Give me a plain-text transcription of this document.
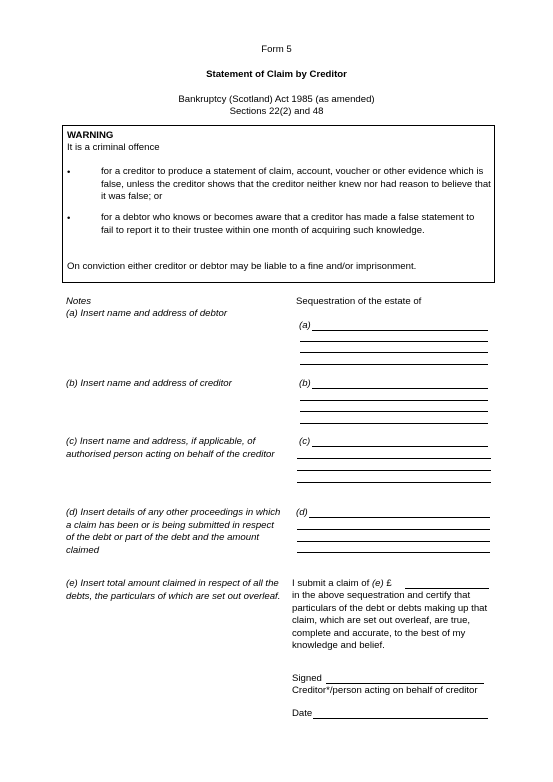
Form 5
Statement of Claim by Creditor
Bankruptcy (Scotland) Act 1985 (as amended)
Sections 22(2) and 48
WARNING
It is a criminal offence
•	for a creditor to produce a statement of claim, account, voucher or other evidence which is false, unless the creditor shows that the creditor neither knew nor had reason to believe that it was false; or
•	for a debtor who knows or becomes aware that a creditor has made a false statement to fail to report it to their trustee within one month of acquiring such knowledge.
On conviction either creditor or debtor may be liable to a fine and/or imprisonment.
Notes
(a) Insert name and address of debtor
(b) Insert name and address of creditor
(c) Insert name and address, if applicable, of authorised person acting on behalf of the creditor
(d) Insert details of any other proceedings in which a claim has been or is being submitted in respect of the debt or part of the debt and the amount claimed
(e) Insert total amount claimed in respect of all the debts, the particulars of which are set out overleaf.
Sequestration of the estate of
(a)
(b)
(c)
(d)
I submit a claim of (e) £
in the above sequestration and certify that particulars of the debt or debts making up that claim, which are set out overleaf, are true, complete and accurate, to the best of my knowledge and belief.
Signed
Creditor*/person acting on behalf of creditor
Date
